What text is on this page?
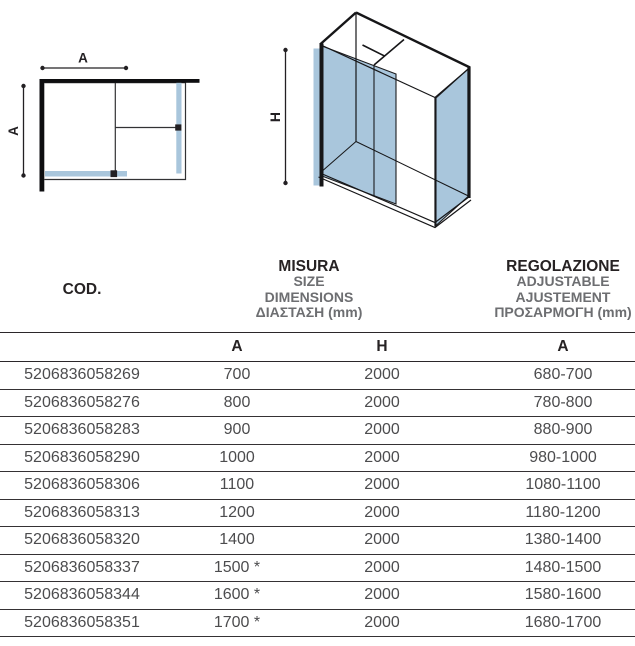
A
A
H
COD.	
MISURA
SIZE
DIMENSIONS
ΔΙΑΣΤΑΣΗ (mm)

REGOLAZIONE
ADJUSTABLE
AJUSTEMENT
ΠΡΟΣΑΡΜΟΓΗ (mm)

	A	H	A
5206836058269	700	2000	680-700
5206836058276	800	2000	780-800
5206836058283	900	2000	880-900
5206836058290	1000	2000	980-1000
5206836058306	1100	2000	1080-1100
5206836058313	1200	2000	1180-1200
5206836058320	1400	2000	1380-1400
5206836058337	1500 *	2000	1480-1500
5206836058344	1600 *	2000	1580-1600
5206836058351	1700 *	2000	1680-1700
